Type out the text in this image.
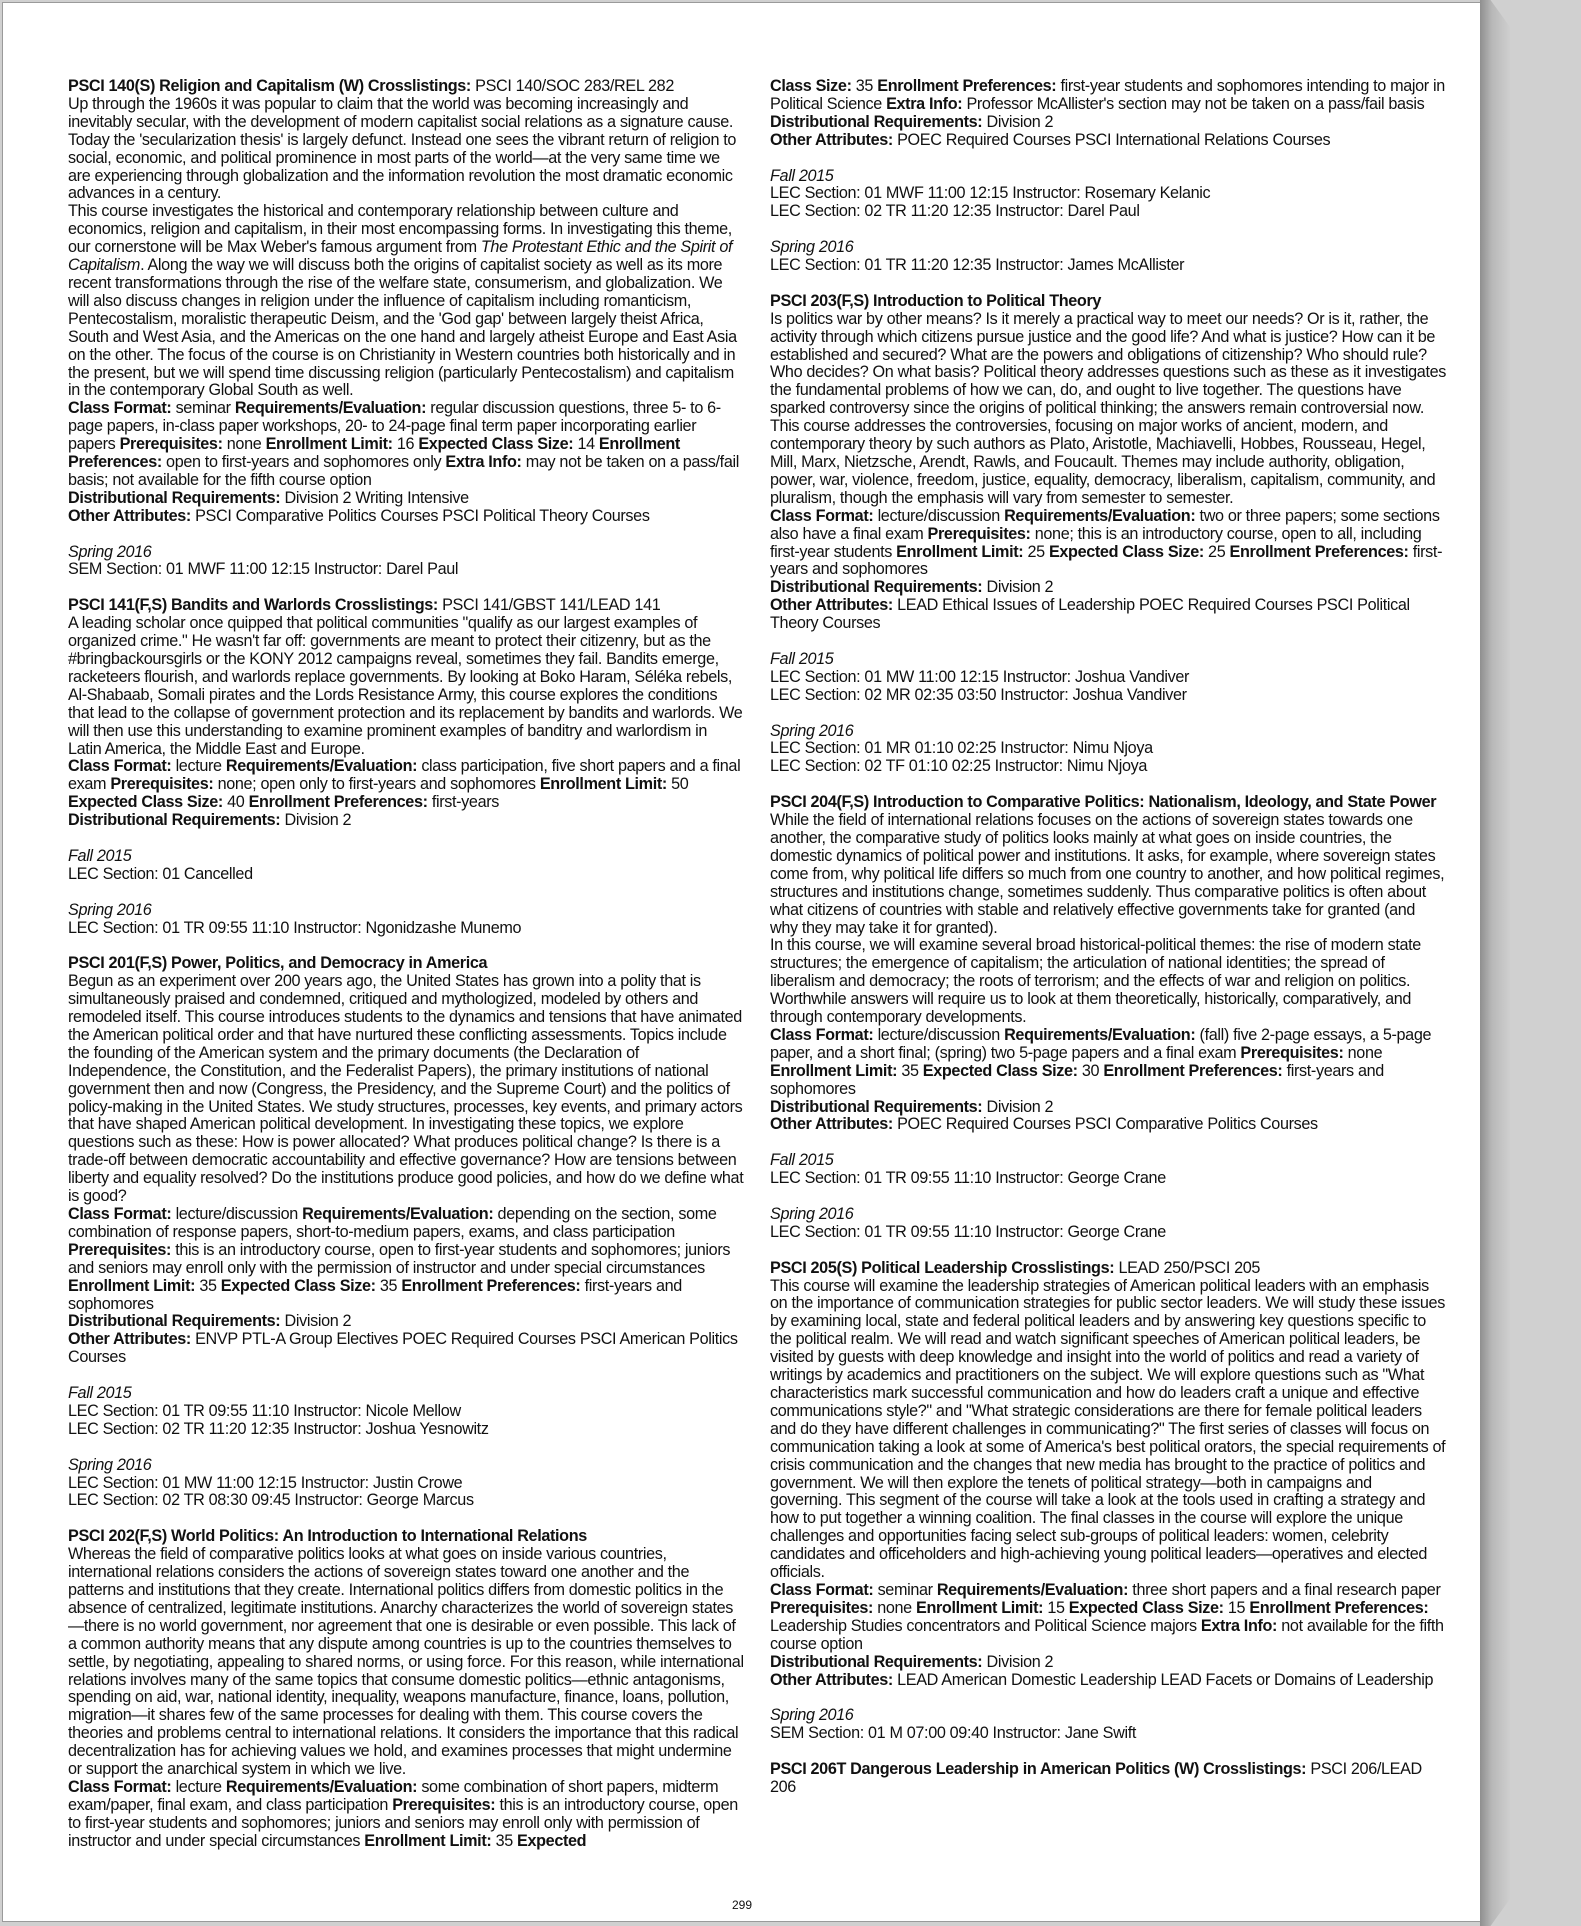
PSCI 140(S) Religion and Capitalism (W) Crosslistings: PSCI 140/SOC 283/REL 282
Up through the 1960s it was popular to claim that the world was becoming increasingly and inevitably secular, with the development of modern capitalist social relations as a signature cause. Today the 'secularization thesis' is largely defunct. Instead one sees the vibrant return of religion to social, economic, and political prominence in most parts of the world—at the very same time we are experiencing through globalization and the information revolution the most dramatic economic advances in a century.
This course investigates the historical and contemporary relationship between culture and economics, religion and capitalism, in their most encompassing forms. In investigating this theme, our cornerstone will be Max Weber's famous argument from The Protestant Ethic and the Spirit of Capitalism. Along the way we will discuss both the origins of capitalist society as well as its more recent transformations through the rise of the welfare state, consumerism, and globalization. We will also discuss changes in religion under the influence of capitalism including romanticism, Pentecostalism, moralistic therapeutic Deism, and the 'God gap' between largely theist Africa, South and West Asia, and the Americas on the one hand and largely atheist Europe and East Asia on the other. The focus of the course is on Christianity in Western countries both historically and in the present, but we will spend time discussing religion (particularly Pentecostalism) and capitalism in the contemporary Global South as well.
Class Format: seminar Requirements/Evaluation: regular discussion questions, three 5- to 6-page papers, in-class paper workshops, 20- to 24-page final term paper incorporating earlier papers Prerequisites: none Enrollment Limit: 16 Expected Class Size: 14 Enrollment Preferences: open to first-years and sophomores only Extra Info: may not be taken on a pass/fail basis; not available for the fifth course option
Distributional Requirements: Division 2 Writing Intensive
Other Attributes: PSCI Comparative Politics Courses PSCI Political Theory Courses
Spring 2016
SEM Section: 01 MWF 11:00 12:15 Instructor: Darel Paul
PSCI 141(F,S) Bandits and Warlords Crosslistings: PSCI 141/GBST 141/LEAD 141
A leading scholar once quipped that political communities "qualify as our largest examples of organized crime." He wasn't far off: governments are meant to protect their citizenry, but as the #bringbackoursgirls or the KONY 2012 campaigns reveal, sometimes they fail. Bandits emerge, racketeers flourish, and warlords replace governments. By looking at Boko Haram, Séléka rebels, Al-Shabaab, Somali pirates and the Lords Resistance Army, this course explores the conditions that lead to the collapse of government protection and its replacement by bandits and warlords. We will then use this understanding to examine prominent examples of banditry and warlordism in Latin America, the Middle East and Europe.
Class Format: lecture Requirements/Evaluation: class participation, five short papers and a final exam Prerequisites: none; open only to first-years and sophomores Enrollment Limit: 50 Expected Class Size: 40 Enrollment Preferences: first-years
Distributional Requirements: Division 2
Fall 2015
LEC Section: 01 Cancelled
Spring 2016
LEC Section: 01 TR 09:55 11:10 Instructor: Ngonidzashe Munemo
PSCI 201(F,S) Power, Politics, and Democracy in America
Begun as an experiment over 200 years ago, the United States has grown into a polity that is simultaneously praised and condemned, critiqued and mythologized, modeled by others and remodeled itself. This course introduces students to the dynamics and tensions that have animated the American political order and that have nurtured these conflicting assessments. Topics include the founding of the American system and the primary documents (the Declaration of Independence, the Constitution, and the Federalist Papers), the primary institutions of national government then and now (Congress, the Presidency, and the Supreme Court) and the politics of policy-making in the United States. We study structures, processes, key events, and primary actors that have shaped American political development. In investigating these topics, we explore questions such as these: How is power allocated? What produces political change? Is there is a trade-off between democratic accountability and effective governance? How are tensions between liberty and equality resolved? Do the institutions produce good policies, and how do we define what is good?
Class Format: lecture/discussion Requirements/Evaluation: depending on the section, some combination of response papers, short-to-medium papers, exams, and class participation Prerequisites: this is an introductory course, open to first-year students and sophomores; juniors and seniors may enroll only with the permission of instructor and under special circumstances Enrollment Limit: 35 Expected Class Size: 35 Enrollment Preferences: first-years and sophomores
Distributional Requirements: Division 2
Other Attributes: ENVP PTL-A Group Electives POEC Required Courses PSCI American Politics Courses
Fall 2015
LEC Section: 01 TR 09:55 11:10 Instructor: Nicole Mellow
LEC Section: 02 TR 11:20 12:35 Instructor: Joshua Yesnowitz
Spring 2016
LEC Section: 01 MW 11:00 12:15 Instructor: Justin Crowe
LEC Section: 02 TR 08:30 09:45 Instructor: George Marcus
PSCI 202(F,S) World Politics: An Introduction to International Relations
Whereas the field of comparative politics looks at what goes on inside various countries, international relations considers the actions of sovereign states toward one another and the patterns and institutions that they create. International politics differs from domestic politics in the absence of centralized, legitimate institutions. Anarchy characterizes the world of sovereign states—there is no world government, nor agreement that one is desirable or even possible. This lack of a common authority means that any dispute among countries is up to the countries themselves to settle, by negotiating, appealing to shared norms, or using force. For this reason, while international relations involves many of the same topics that consume domestic politics—ethnic antagonisms, spending on aid, war, national identity, inequality, weapons manufacture, finance, loans, pollution, migration—it shares few of the same processes for dealing with them. This course covers the theories and problems central to international relations. It considers the importance that this radical decentralization has for achieving values we hold, and examines processes that might undermine or support the anarchical system in which we live.
Class Format: lecture Requirements/Evaluation: some combination of short papers, midterm exam/paper, final exam, and class participation Prerequisites: this is an introductory course, open to first-year students and sophomores; juniors and seniors may enroll only with permission of instructor and under special circumstances Enrollment Limit: 35 Expected
Class Size: 35 Enrollment Preferences: first-year students and sophomores intending to major in Political Science Extra Info: Professor McAllister's section may not be taken on a pass/fail basis
Distributional Requirements: Division 2
Other Attributes: POEC Required Courses PSCI International Relations Courses
Fall 2015
LEC Section: 01 MWF 11:00 12:15 Instructor: Rosemary Kelanic
LEC Section: 02 TR 11:20 12:35 Instructor: Darel Paul
Spring 2016
LEC Section: 01 TR 11:20 12:35 Instructor: James McAllister
PSCI 203(F,S) Introduction to Political Theory
Is politics war by other means? Is it merely a practical way to meet our needs? Or is it, rather, the activity through which citizens pursue justice and the good life? And what is justice? How can it be established and secured? What are the powers and obligations of citizenship? Who should rule? Who decides? On what basis? Political theory addresses questions such as these as it investigates the fundamental problems of how we can, do, and ought to live together. The questions have sparked controversy since the origins of political thinking; the answers remain controversial now. This course addresses the controversies, focusing on major works of ancient, modern, and contemporary theory by such authors as Plato, Aristotle, Machiavelli, Hobbes, Rousseau, Hegel, Mill, Marx, Nietzsche, Arendt, Rawls, and Foucault. Themes may include authority, obligation, power, war, violence, freedom, justice, equality, democracy, liberalism, capitalism, community, and pluralism, though the emphasis will vary from semester to semester.
Class Format: lecture/discussion Requirements/Evaluation: two or three papers; some sections also have a final exam Prerequisites: none; this is an introductory course, open to all, including first-year students Enrollment Limit: 25 Expected Class Size: 25 Enrollment Preferences: first-years and sophomores
Distributional Requirements: Division 2
Other Attributes: LEAD Ethical Issues of Leadership POEC Required Courses PSCI Political Theory Courses
Fall 2015
LEC Section: 01 MW 11:00 12:15 Instructor: Joshua Vandiver
LEC Section: 02 MR 02:35 03:50 Instructor: Joshua Vandiver
Spring 2016
LEC Section: 01 MR 01:10 02:25 Instructor: Nimu Njoya
LEC Section: 02 TF 01:10 02:25 Instructor: Nimu Njoya
PSCI 204(F,S) Introduction to Comparative Politics: Nationalism, Ideology, and State Power
While the field of international relations focuses on the actions of sovereign states towards one another, the comparative study of politics looks mainly at what goes on inside countries, the domestic dynamics of political power and institutions. It asks, for example, where sovereign states come from, why political life differs so much from one country to another, and how political regimes, structures and institutions change, sometimes suddenly. Thus comparative politics is often about what citizens of countries with stable and relatively effective governments take for granted (and why they may take it for granted).
In this course, we will examine several broad historical-political themes: the rise of modern state structures; the emergence of capitalism; the articulation of national identities; the spread of liberalism and democracy; the roots of terrorism; and the effects of war and religion on politics. Worthwhile answers will require us to look at them theoretically, historically, comparatively, and through contemporary developments.
Class Format: lecture/discussion Requirements/Evaluation: (fall) five 2-page essays, a 5-page paper, and a short final; (spring) two 5-page papers and a final exam Prerequisites: none Enrollment Limit: 35 Expected Class Size: 30 Enrollment Preferences: first-years and sophomores
Distributional Requirements: Division 2
Other Attributes: POEC Required Courses PSCI Comparative Politics Courses
Fall 2015
LEC Section: 01 TR 09:55 11:10 Instructor: George Crane
Spring 2016
LEC Section: 01 TR 09:55 11:10 Instructor: George Crane
PSCI 205(S) Political Leadership Crosslistings: LEAD 250/PSCI 205
This course will examine the leadership strategies of American political leaders with an emphasis on the importance of communication strategies for public sector leaders. We will study these issues by examining local, state and federal political leaders and by answering key questions specific to the political realm. We will read and watch significant speeches of American political leaders, be visited by guests with deep knowledge and insight into the world of politics and read a variety of writings by academics and practitioners on the subject. We will explore questions such as "What characteristics mark successful communication and how do leaders craft a unique and effective communications style?" and "What strategic considerations are there for female political leaders and do they have different challenges in communicating?" The first series of classes will focus on communication taking a look at some of America's best political orators, the special requirements of crisis communication and the changes that new media has brought to the practice of politics and government. We will then explore the tenets of political strategy—both in campaigns and governing. This segment of the course will take a look at the tools used in crafting a strategy and how to put together a winning coalition. The final classes in the course will explore the unique challenges and opportunities facing select sub-groups of political leaders: women, celebrity candidates and officeholders and high-achieving young political leaders—operatives and elected officials.
Class Format: seminar Requirements/Evaluation: three short papers and a final research paper Prerequisites: none Enrollment Limit: 15 Expected Class Size: 15 Enrollment Preferences: Leadership Studies concentrators and Political Science majors Extra Info: not available for the fifth course option
Distributional Requirements: Division 2
Other Attributes: LEAD American Domestic Leadership LEAD Facets or Domains of Leadership
Spring 2016
SEM Section: 01 M 07:00 09:40 Instructor: Jane Swift
PSCI 206T Dangerous Leadership in American Politics (W) Crosslistings: PSCI 206/LEAD 206
299
